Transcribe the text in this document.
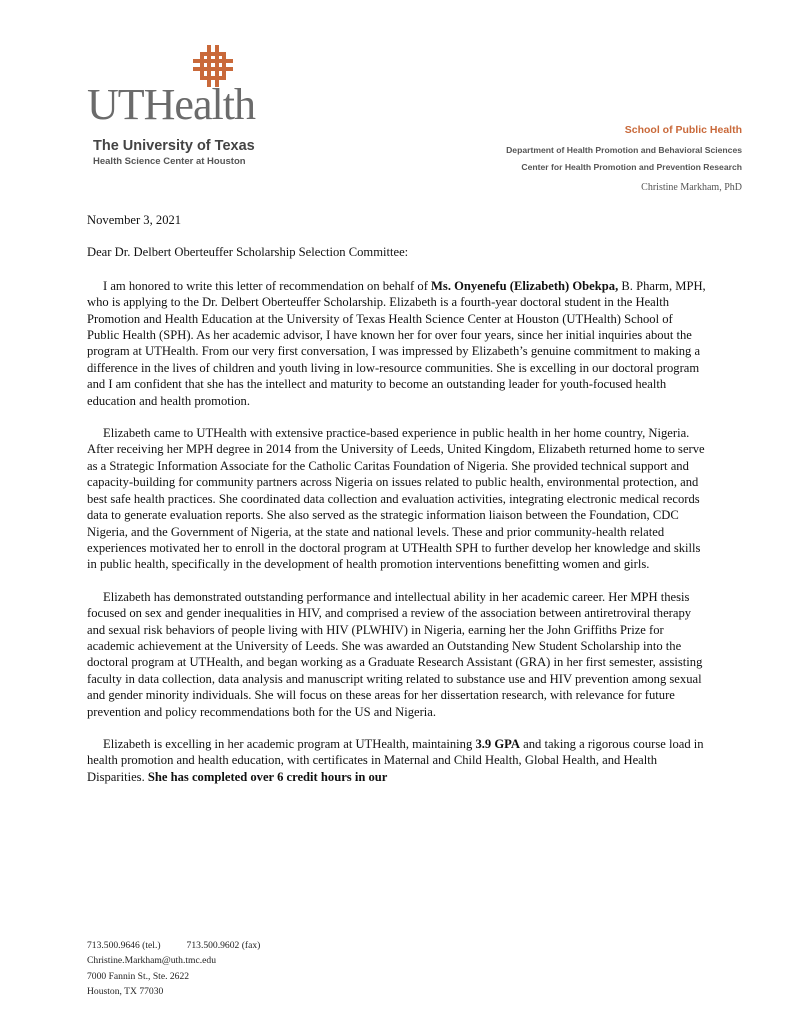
UTHealth
The University of Texas
Health Science Center at Houston
School of Public Health
Department of Health Promotion and Behavioral Sciences
Center for Health Promotion and Prevention Research
Christine Markham, PhD

November 3, 2021

Dear Dr. Delbert Oberteuffer Scholarship Selection Committee:

I am honored to write this letter of recommendation on behalf of Ms. Onyenefu (Elizabeth) Obekpa, B. Pharm, MPH, who is applying to the Dr. Delbert Oberteuffer Scholarship. Elizabeth is a fourth-year doctoral student in the Health Promotion and Health Education at the University of Texas Health Science Center at Houston (UTHealth) School of Public Health (SPH). As her academic advisor, I have known her for over four years, since her initial inquiries about the program at UTHealth. From our very first conversation, I was impressed by Elizabeth’s genuine commitment to making a difference in the lives of children and youth living in low-resource communities. She is excelling in our doctoral program and I am confident that she has the intellect and maturity to become an outstanding leader for youth-focused health education and health promotion.

Elizabeth came to UTHealth with extensive practice-based experience in public health in her home country, Nigeria. After receiving her MPH degree in 2014 from the University of Leeds, United Kingdom, Elizabeth returned home to serve as a Strategic Information Associate for the Catholic Caritas Foundation of Nigeria. She provided technical support and capacity-building for community partners across Nigeria on issues related to public health, environmental protection, and best safe health practices. She coordinated data collection and evaluation activities, integrating electronic medical records data to generate evaluation reports. She also served as the strategic information liaison between the Foundation, CDC Nigeria, and the Government of Nigeria, at the state and national levels. These and prior community-health related experiences motivated her to enroll in the doctoral program at UTHealth SPH to further develop her knowledge and skills in public health, specifically in the development of health promotion interventions benefitting women and girls.

Elizabeth has demonstrated outstanding performance and intellectual ability in her academic career. Her MPH thesis focused on sex and gender inequalities in HIV, and comprised a review of the association between antiretroviral therapy and sexual risk behaviors of people living with HIV (PLWHIV) in Nigeria, earning her the John Griffiths Prize for academic achievement at the University of Leeds. She was awarded an Outstanding New Student Scholarship into the doctoral program at UTHealth, and began working as a Graduate Research Assistant (GRA) in her first semester, assisting faculty in data collection, data analysis and manuscript writing related to substance use and HIV prevention among sexual and gender minority individuals. She will focus on these areas for her dissertation research, with relevance for future prevention and policy recommendations both for the US and Nigeria.

Elizabeth is excelling in her academic program at UTHealth, maintaining 3.9 GPA and taking a rigorous course load in health promotion and health education, with certificates in Maternal and Child Health, Global Health, and Health Disparities. She has completed over 6 credit hours in our

713.500.9646 (tel.)	713.500.9602 (fax)
Christine.Markham@uth.tmc.edu
7000 Fannin St., Ste. 2622
Houston, TX 77030
